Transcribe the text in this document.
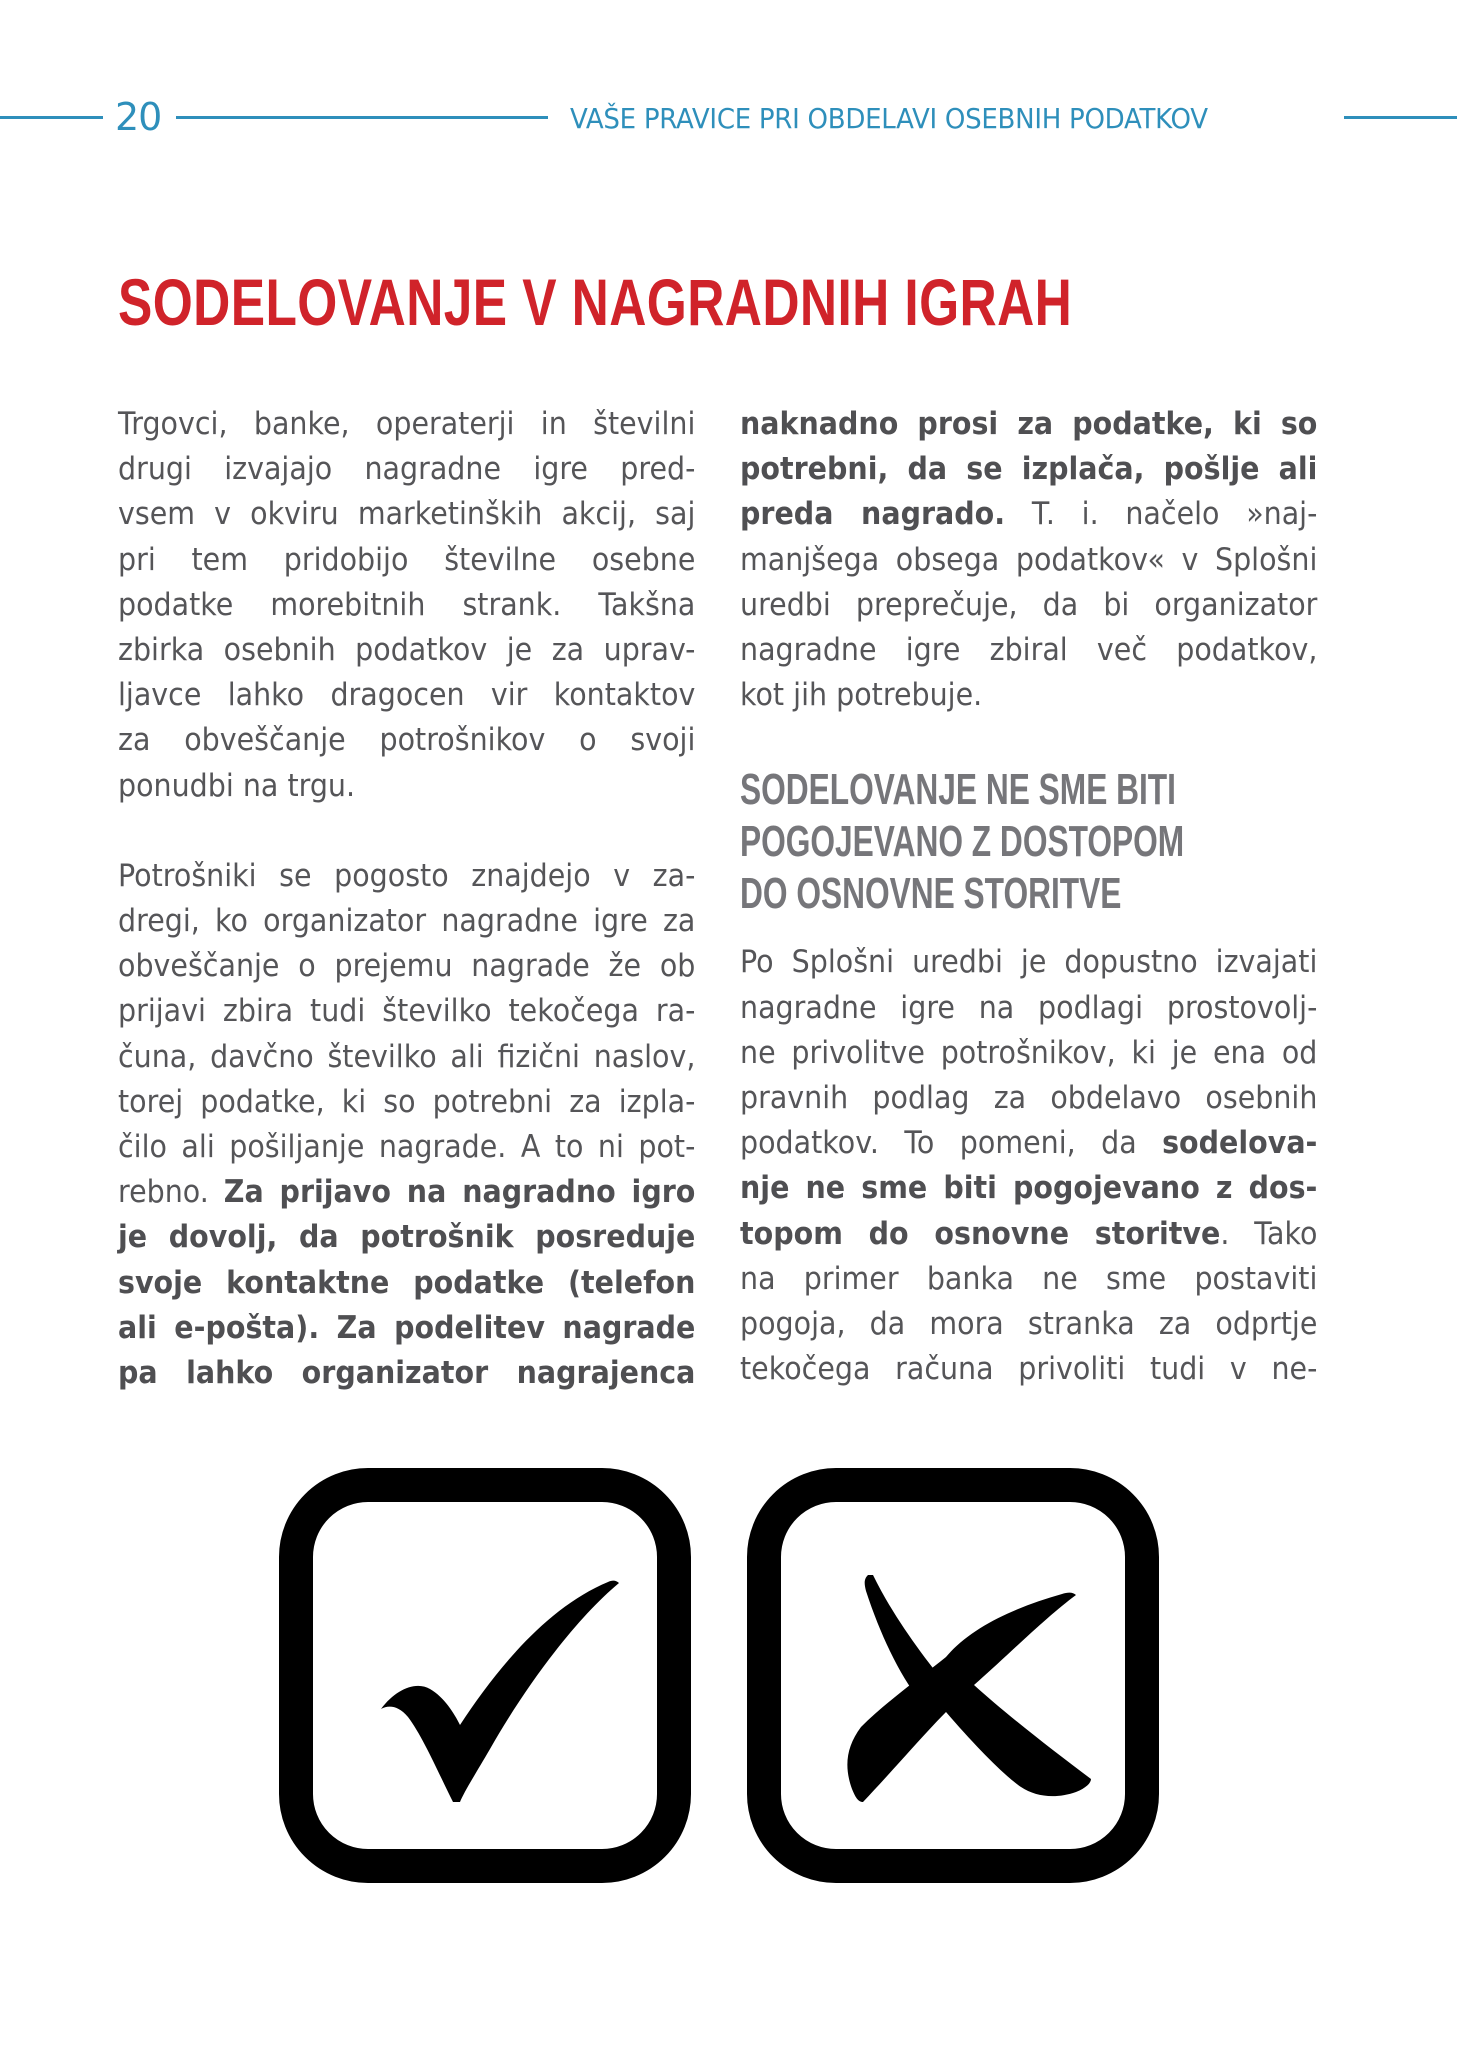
20	VAŠE PRAVICE PRI OBDELAVI OSEBNIH PODATKOV
SODELOVANJE V NAGRADNIH IGRAH
Trgovci, banke, operaterji in številni
drugi izvajajo nagradne igre pred-
vsem v okviru marketinških akcij, saj
pri tem pridobijo številne osebne
podatke morebitnih strank. Takšna
zbirka osebnih podatkov je za uprav-
ljavce lahko dragocen vir kontaktov
za obveščanje potrošnikov o svoji
ponudbi na trgu.
Potrošniki se pogosto znajdejo v za-
dregi, ko organizator nagradne igre za
obveščanje o prejemu nagrade že ob
prijavi zbira tudi številko tekočega ra-
čuna, davčno številko ali fizični naslov,
torej podatke, ki so potrebni za izpla-
čilo ali pošiljanje nagrade. A to ni pot-
rebno. Za prijavo na nagradno igro
je dovolj, da potrošnik posreduje
svoje kontaktne podatke (telefon
ali e-pošta). Za podelitev nagrade
pa lahko organizator nagrajenca
naknadno prosi za podatke, ki so
potrebni, da se izplača, pošlje ali
preda nagrado. T. i. načelo »naj-
manjšega obsega podatkov« v Splošni
uredbi preprečuje, da bi organizator
nagradne igre zbiral več podatkov,
kot jih potrebuje.

SODELOVANJE NE SME BITI

POGOJEVANO Z DOSTOPOM

DO OSNOVNE STORITVE

Po Splošni uredbi je dopustno izvajati
nagradne igre na podlagi prostovolj-
ne privolitve potrošnikov, ki je ena od
pravnih podlag za obdelavo osebnih
podatkov. To pomeni, da sodelova-
nje ne sme biti pogojevano z dos-
topom do osnovne storitve. Tako
na primer banka ne sme postaviti
pogoja, da mora stranka za odprtje
tekočega računa privoliti tudi v ne-
